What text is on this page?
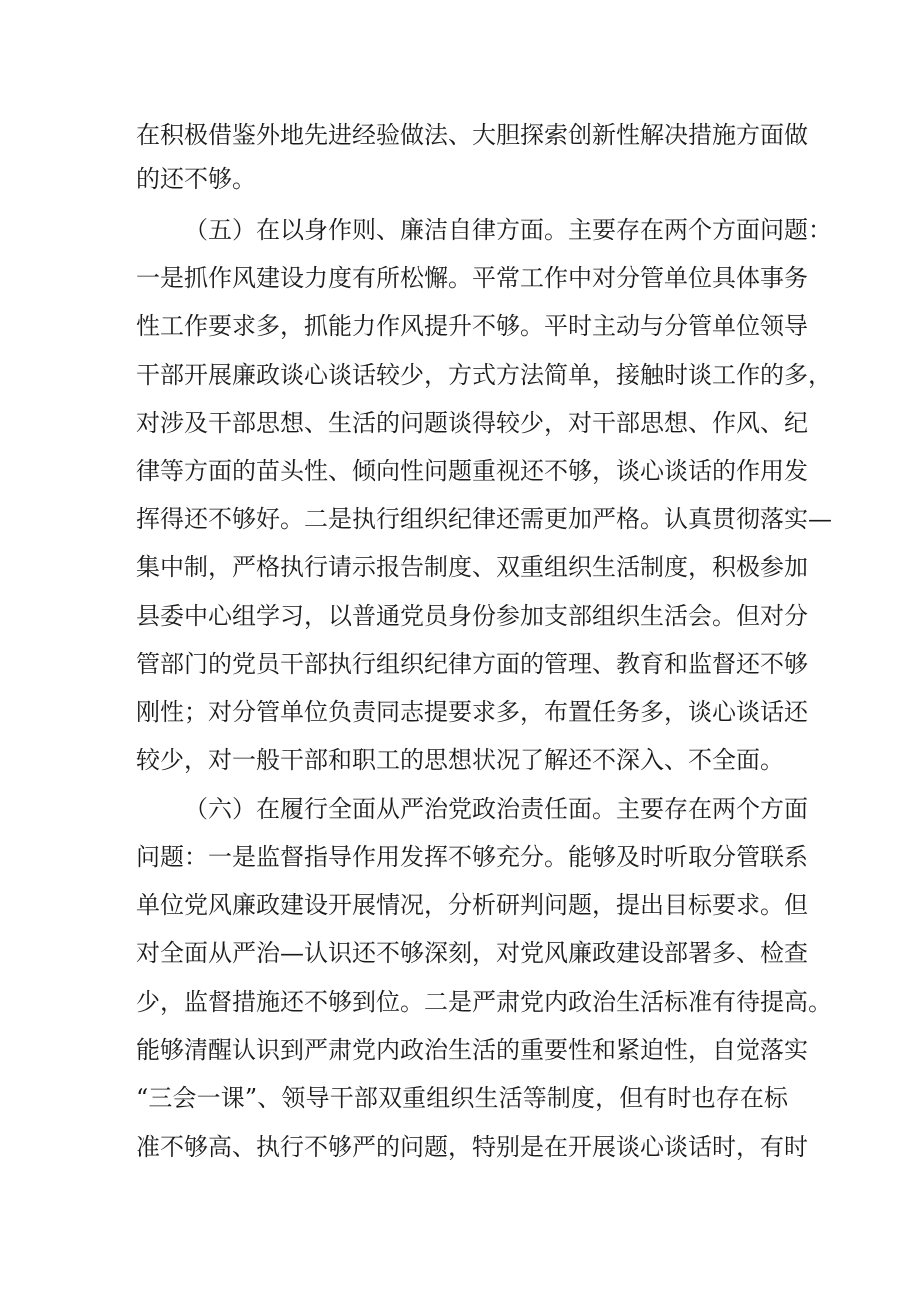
在积极借鉴外地先进经验做法、大胆探索创新性解决措施方面做
的还不够。
（五）在以身作则、廉洁自律方面。主要存在两个方面问题：
一是抓作风建设力度有所松懈。平常工作中对分管单位具体事务
性工作要求多，抓能力作风提升不够。平时主动与分管单位领导
干部开展廉政谈心谈话较少，方式方法简单，接触时谈工作的多，
对涉及干部思想、生活的问题谈得较少，对干部思想、作风、纪
律等方面的苗头性、倾向性问题重视还不够，谈心谈话的作用发
挥得还不够好。二是执行组织纪律还需更加严格。认真贯彻落实—
集中制，严格执行请示报告制度、双重组织生活制度，积极参加
县委中心组学习，以普通党员身份参加支部组织生活会。但对分
管部门的党员干部执行组织纪律方面的管理、教育和监督还不够
刚性；对分管单位负责同志提要求多，布置任务多，谈心谈话还
较少，对一般干部和职工的思想状况了解还不深入、不全面。
（六）在履行全面从严治党政治责任面。主要存在两个方面
问题：一是监督指导作用发挥不够充分。能够及时听取分管联系
单位党风廉政建设开展情况，分析研判问题，提出目标要求。但
对全面从严治—认识还不够深刻，对党风廉政建设部署多、检查
少，监督措施还不够到位。二是严肃党内政治生活标准有待提高。
能够清醒认识到严肃党内政治生活的重要性和紧迫性，自觉落实
“三会一课”、领导干部双重组织生活等制度，但有时也存在标
准不够高、执行不够严的问题，特别是在开展谈心谈话时，有时
